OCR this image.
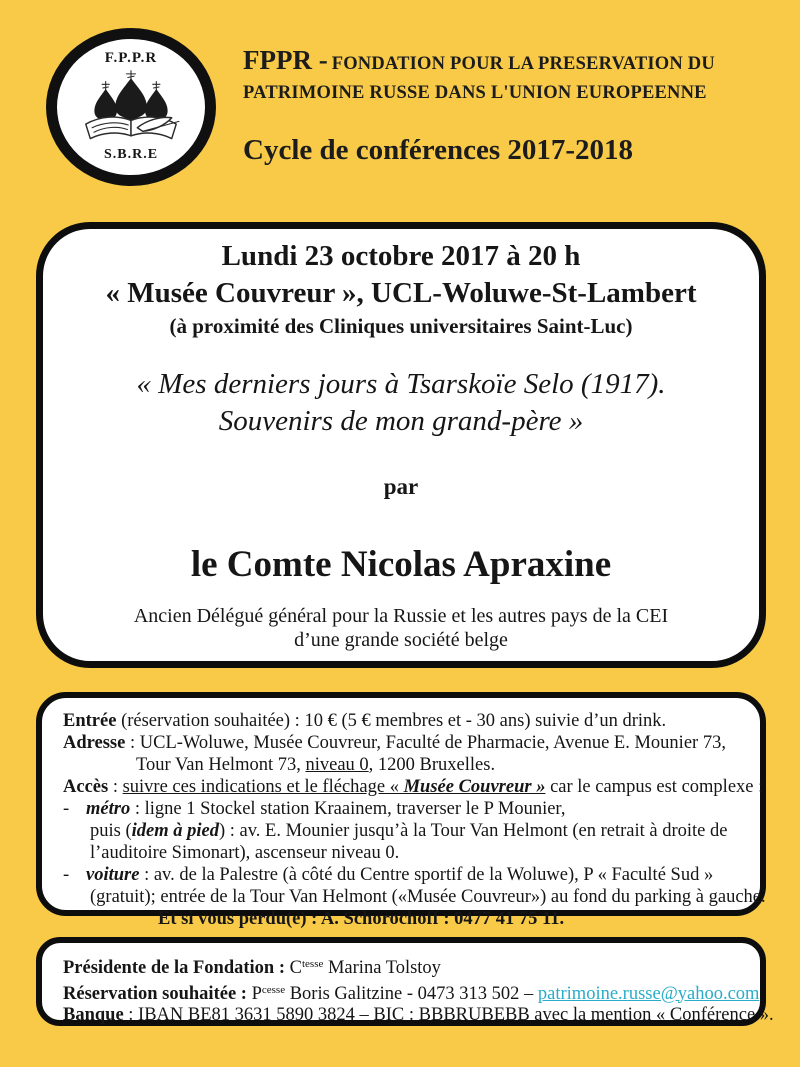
F.P.P.R
S.B.R.E
FPPR - FONDATION POUR LA PRESERVATION DU
PATRIMOINE RUSSE DANS L'UNION EUROPEENNE
Cycle de conférences 2017-2018
Lundi 23 octobre 2017 à 20 h
« Musée Couvreur », UCL-Woluwe-St-Lambert
(à proximité des Cliniques universitaires Saint-Luc)
« Mes derniers jours à Tsarskoïe Selo (1917).
Souvenirs de mon grand-père »
par
le Comte Nicolas Apraxine
Ancien Délégué général pour la Russie et les autres pays de la CEI
d’une grande société belge
Entrée (réservation souhaitée) : 10 € (5 € membres et - 30 ans) suivie d’un drink.
Adresse : UCL-Woluwe, Musée Couvreur, Faculté de Pharmacie, Avenue E. Mounier 73,
Tour Van Helmont 73, niveau 0, 1200 Bruxelles.
Accès : suivre ces indications et le fléchage « Musée Couvreur » car le campus est complexe :
- métro : ligne 1 Stockel station Kraainem, traverser le P Mounier,
puis (idem à pied) : av. E. Mounier jusqu’à la Tour Van Helmont (en retrait à droite de
l’auditoire Simonart), ascenseur niveau 0.
- voiture : av. de la Palestre (à côté du Centre sportif de la Woluwe), P « Faculté Sud »
(gratuit); entrée de la Tour Van Helmont («Musée Couvreur») au fond du parking à gauche.
Et si vous perdu(e) : A. Schorochoff : 0477 41 75 11.
Présidente de la Fondation : $C^{tesse}$ Marina Tolstoy
Réservation souhaitée : $P^{cesse}$ Boris Galitzine - 0473 313 502 – patrimoine.russe@yahoo.com
Banque : IBAN BE81 3631 5890 3824 – BIC : BBBRUBEBB avec la mention « Conférence ».
